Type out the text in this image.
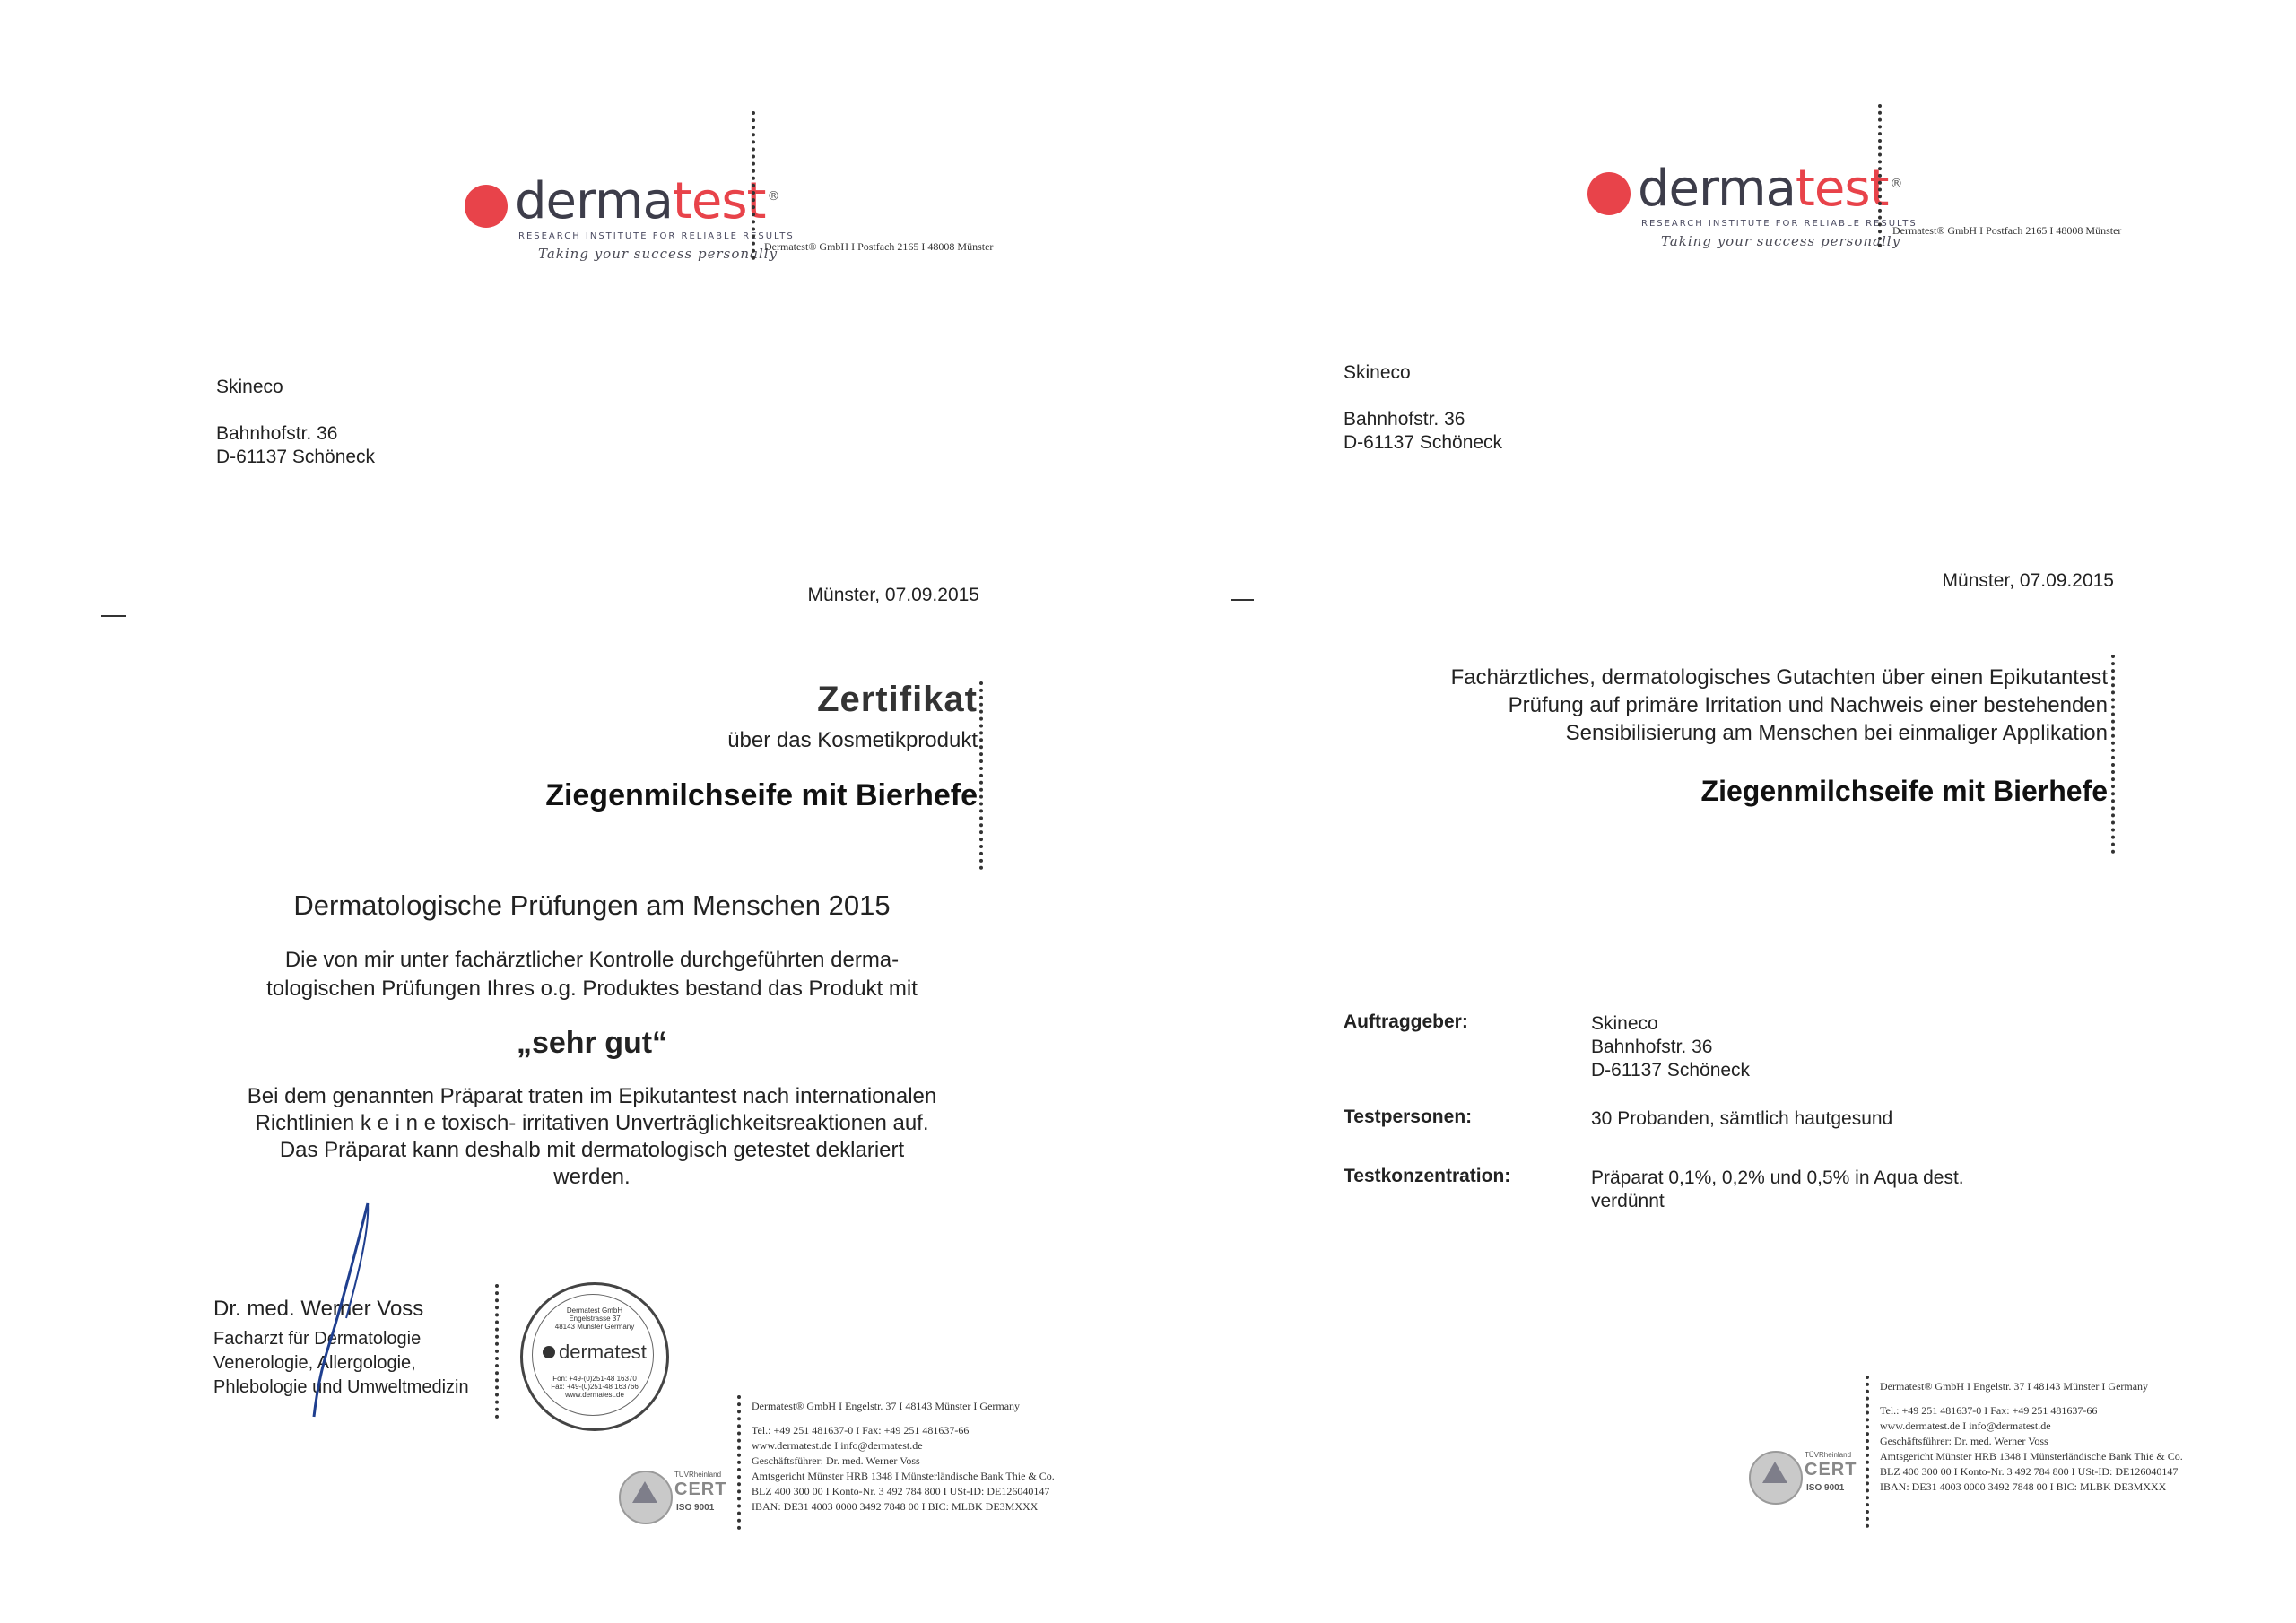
dermatest ®
RESEARCH INSTITUTE FOR RELIABLE RESULTS
Taking your success personally
Dermatest® GmbH I Postfach 2165 I 48008 Münster
Skineco
Bahnhofstr. 36
D-61137 Schöneck
Münster, 07.09.2015
Zertifikat
über das Kosmetikprodukt
Ziegenmilchseife mit Bierhefe
Dermatologische Prüfungen am Menschen 2015
Die von mir unter fachärztlicher Kontrolle durchgeführten derma-
tologischen Prüfungen Ihres o.g. Produktes bestand das Produkt mit
„sehr gut“
Bei dem genannten Präparat traten im Epikutantest nach internationalen
Richtlinien k e i n e toxisch- irritativen Unverträglichkeitsreaktionen auf.
Das Präparat kann deshalb mit dermatologisch getestet deklariert
werden.
Dr. med. Werner Voss
Facharzt für Dermatologie
Venerologie, Allergologie,
Phlebologie und Umweltmedizin
Dermatest GmbH
Engelstrasse 37
48143 Münster Germany
dermatest
Fon: +49-(0)251-48 16370
Fax: +49-(0)251-48 163766
www.dermatest.de
Dermatest® GmbH I Engelstr. 37 I 48143 Münster I Germany
Tel.: +49 251 481637-0 I Fax: +49 251 481637-66
www.dermatest.de I info@dermatest.de
Geschäftsführer: Dr. med. Werner Voss
Amtsgericht Münster HRB 1348 I Münsterländische Bank Thie & Co.
BLZ 400 300 00 I Konto-Nr. 3 492 784 800 I USt-ID: DE126040147
IBAN: DE31 4003 0000 3492 7848 00 I BIC: MLBK DE3MXXX
TÜVRheinland
CERT
ISO 9001
dermatest ®
RESEARCH INSTITUTE FOR RELIABLE RESULTS
Taking your success personally
Dermatest® GmbH I Postfach 2165 I 48008 Münster
Skineco
Bahnhofstr. 36
D-61137 Schöneck
Münster, 07.09.2015
Fachärztliches, dermatologisches Gutachten über einen Epikutantest
Prüfung auf primäre Irritation und Nachweis einer bestehenden
Sensibilisierung am Menschen bei einmaliger Applikation
Ziegenmilchseife mit Bierhefe
Auftraggeber:	Skineco
Bahnhofstr. 36
D-61137 Schöneck
Testpersonen:	30 Probanden, sämtlich hautgesund
Testkonzentration:	Präparat 0,1%, 0,2% und 0,5% in Aqua dest.
verdünnt
Dermatest® GmbH I Engelstr. 37 I 48143 Münster I Germany
Tel.: +49 251 481637-0 I Fax: +49 251 481637-66
www.dermatest.de I info@dermatest.de
Geschäftsführer: Dr. med. Werner Voss
Amtsgericht Münster HRB 1348 I Münsterländische Bank Thie & Co.
BLZ 400 300 00 I Konto-Nr. 3 492 784 800 I USt-ID: DE126040147
IBAN: DE31 4003 0000 3492 7848 00 I BIC: MLBK DE3MXXX
TÜVRheinland
CERT
ISO 9001
